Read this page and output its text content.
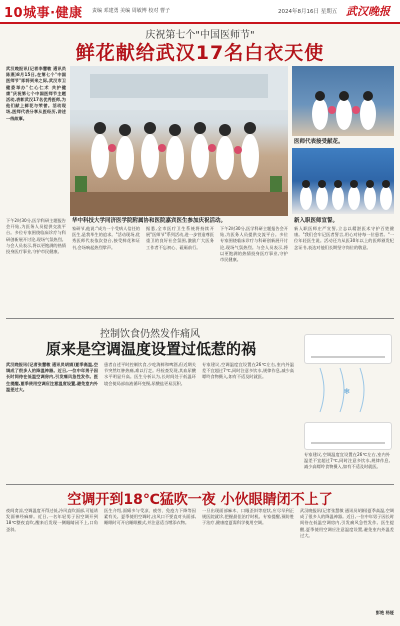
10城事·健康 责编 邓建勇 美编 周敏博 校对 曹子	2024年8月16日 星期五 武汉晚报
庆祝第七个"中国医师节"
鲜花献给武汉17名白衣天使
武汉晚报讯(记者李慧敏 通讯员陈燕)8月15日,在第七个"中国医师节"即将到来之际,武汉市卫健委举办"仁心仁术 共护健康"庆祝第七个中国医师节主题活动,表彰武汉17名优秀医师,为他们献上鲜花与荣誉。活动现场,医师代表分享从医经历,讲述一线故事。
下午2时30分,医学科研主题报告会开始,为医务人员提供交流平台。多位专家围绕临床诊疗与科研创新展开讨论,现场气氛热烈。与会人员表示,将以更饱满的热情投身医疗事业,守护市民健康。
华中科技大学同济医学院附属协和医院嘉宾医生参加庆祝活动。
医师代表接受献花。
新入职医师宣誓。
家研节,他说:"成为一个受病人信任的医生,是我毕生的追求。"活动现场,优秀医师代表依次登台,接受鲜花和证书,会场响起热烈掌声。
据悉,全市医疗卫生系统将持续开展"医师节"系列活动,进一步营造尊医重卫的良好社会氛围,激励广大医务工作者不忘初心、砥砺前行。
下午2时30分,医学科研主题报告会开始,为医务人员提供交流平台。多位专家围绕临床诊疗与科研创新展开讨论,现场气氛热烈。与会人员表示,将以更饱满的热情投身医疗事业,守护市民健康。
新入职医师庄严宣誓,立志以精湛医术守护百姓健康。"我们会牢记医者誓言,用心对待每一位患者。"一位年轻医生说。活动还为从医30年以上的医师颁发纪念证书,表达对他们长期坚守岗位的敬意。
控制饮食仍然发作痛风
原来是空调温度设置过低惹的祸
武汉晚报讯(记者张慧敏 通讯员胡娟)夏季高温,空调成了很多人的降温神器。近日,一位中年男子因长时间待在低温空调房内,引发痛风急性发作。医生提醒,夏季使用空调应注意温度设置,避免室内外温差过大。
患者自述平时控制饮食,少吃海鲜和啤酒,但近期关节突然红肿热痛,难以行走。经检查发现,其血尿酸水平明显升高。医生分析认为,长时间处于低温环境会使局部血液循环变慢,尿酸盐更易沉积。
专家建议,空调温度宜设置在26℃左右,室内外温差不宜超过7℃,同时注意多饮水,规律作息,减少高嘌呤食物摄入,如有不适及时就医。
❄
专家建议,空调温度宜设置在26℃左右,室内外温差不宜超过7℃,同时注意多饮水,规律作息,减少高嘌呤食物摄入,如有不适及时就医。
空调开到18℃猛吹一夜 小伙眼睛闭不上了
夜间贪凉,空调温度开得过低,冷风直吹面部,可能诱发面神经麻痹。近日,一名年轻男子因空调开到18℃整夜直吹,醒来后发现一侧眼睛闭不上,口角歪斜。
医生介绍,面瘫多与受凉、疲劳、免疫力下降等因素有关。夏季使用空调时,出风口不要直对头面部,睡眠时可开启睡眠模式,并注意适当增添衣物。
一旦出现面部麻木、口眼歪斜等症状,应尽早到正规医院就诊,把握最佳治疗时机。专家提醒,预防胜于治疗,健康度夏需科学使用空调。
武汉晚报讯(记者张慧敏 通讯员胡娟)夏季高温,空调成了很多人的降温神器。近日,一位中年男子因长时间待在低温空调房内,引发痛风急性发作。医生提醒,夏季使用空调应注意温度设置,避免室内外温差过大。
彭艳 杨娅
